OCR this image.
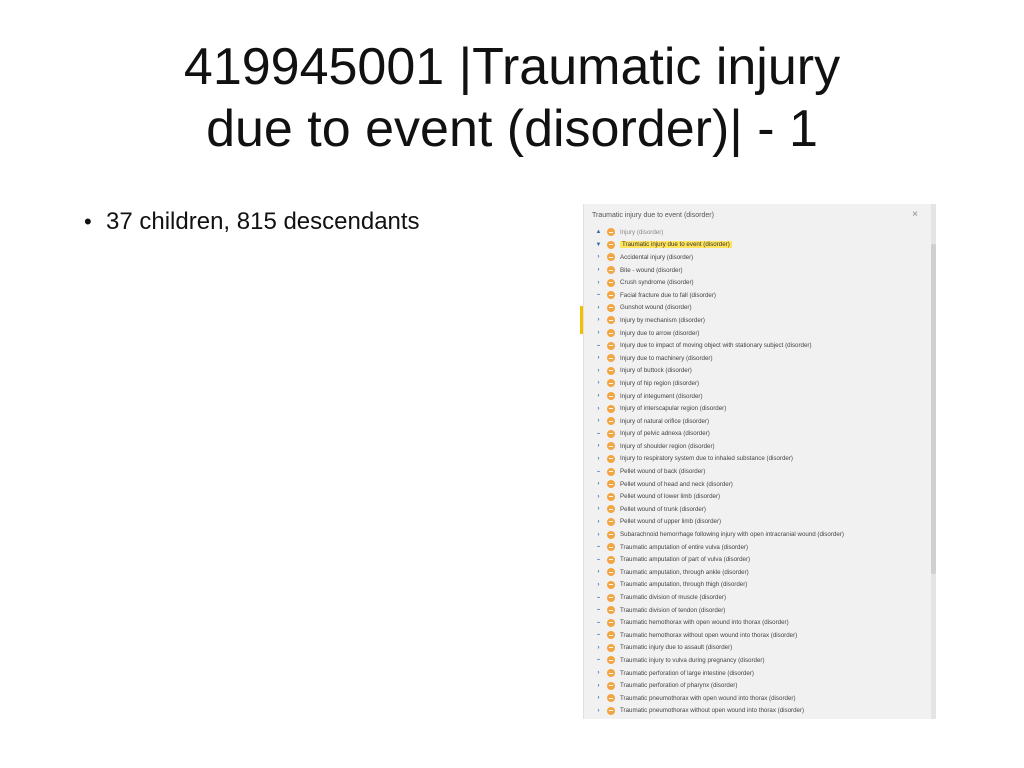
419945001 |Traumatic injury
due to event (disorder)| - 1
• 37 children, 815 descendants	Traumatic injury due to event (disorder)	×
▲	Injury (disorder)
▼	Traumatic injury due to event (disorder)
›	Accidental injury (disorder)
›	Bite - wound (disorder)
›	Crush syndrome (disorder)
–	Facial fracture due to fall (disorder)
›	Gunshot wound (disorder)
›	Injury by mechanism (disorder)
›	Injury due to arrow (disorder)
–	Injury due to impact of moving object with stationary subject (disorder)
›	Injury due to machinery (disorder)
›	Injury of buttock (disorder)
›	Injury of hip region (disorder)
›	Injury of integument (disorder)
›	Injury of interscapular region (disorder)
›	Injury of natural orifice (disorder)
–	Injury of pelvic adnexa (disorder)
›	Injury of shoulder region (disorder)
›	Injury to respiratory system due to inhaled substance (disorder)
–	Pellet wound of back (disorder)
›	Pellet wound of head and neck (disorder)
›	Pellet wound of lower limb (disorder)
›	Pellet wound of trunk (disorder)
›	Pellet wound of upper limb (disorder)
›	Subarachnoid hemorrhage following injury with open intracranial wound (disorder)
–	Traumatic amputation of entire vulva (disorder)
–	Traumatic amputation of part of vulva (disorder)
›	Traumatic amputation, through ankle (disorder)
›	Traumatic amputation, through thigh (disorder)
–	Traumatic division of muscle (disorder)
–	Traumatic division of tendon (disorder)
–	Traumatic hemothorax with open wound into thorax (disorder)
–	Traumatic hemothorax without open wound into thorax (disorder)
›	Traumatic injury due to assault (disorder)
–	Traumatic injury to vulva during pregnancy (disorder)
›	Traumatic perforation of large intestine (disorder)
›	Traumatic perforation of pharynx (disorder)
›	Traumatic pneumothorax with open wound into thorax (disorder)
›	Traumatic pneumothorax without open wound into thorax (disorder)
